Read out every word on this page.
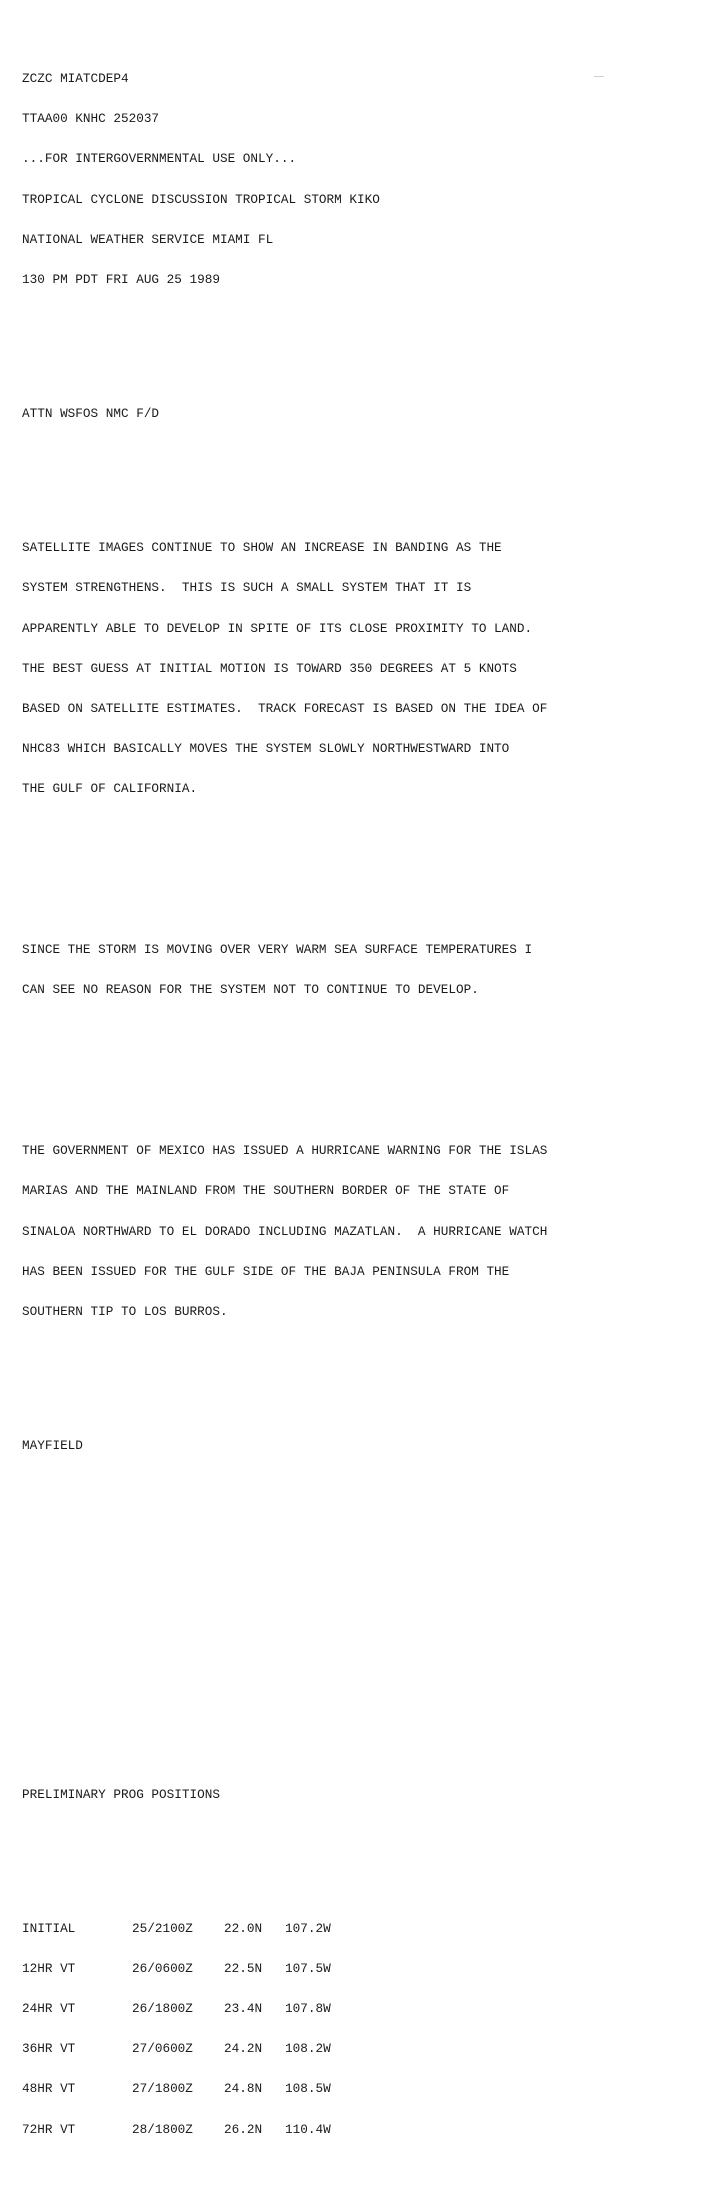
ZCZC MIATCDEP4

TTAA00 KNHC 252037

...FOR INTERGOVERNMENTAL USE ONLY...

TROPICAL CYCLONE DISCUSSION TROPICAL STORM KIKO

NATIONAL WEATHER SERVICE MIAMI FL

130 PM PDT FRI AUG 25 1989

ATTN WSFOS NMC F/D

SATELLITE IMAGES CONTINUE TO SHOW AN INCREASE IN BANDING AS THE

SYSTEM STRENGTHENS.  THIS IS SUCH A SMALL SYSTEM THAT IT IS

APPARENTLY ABLE TO DEVELOP IN SPITE OF ITS CLOSE PROXIMITY TO LAND.

THE BEST GUESS AT INITIAL MOTION IS TOWARD 350 DEGREES AT 5 KNOTS

BASED ON SATELLITE ESTIMATES.  TRACK FORECAST IS BASED ON THE IDEA OF

NHC83 WHICH BASICALLY MOVES THE SYSTEM SLOWLY NORTHWESTWARD INTO

THE GULF OF CALIFORNIA.

SINCE THE STORM IS MOVING OVER VERY WARM SEA SURFACE TEMPERATURES I

CAN SEE NO REASON FOR THE SYSTEM NOT TO CONTINUE TO DEVELOP.

THE GOVERNMENT OF MEXICO HAS ISSUED A HURRICANE WARNING FOR THE ISLAS

MARIAS AND THE MAINLAND FROM THE SOUTHERN BORDER OF THE STATE OF

SINALOA NORTHWARD TO EL DORADO INCLUDING MAZATLAN.  A HURRICANE WATCH

HAS BEEN ISSUED FOR THE GULF SIDE OF THE BAJA PENINSULA FROM THE

SOUTHERN TIP TO LOS BURROS.

MAYFIELD

PRELIMINARY PROG POSITIONS

INITIAL	25/2100Z 22.0N 107.2W

12HR VT	26/0600Z 22.5N 107.5W

24HR VT	26/1800Z 23.4N 107.8W

36HR VT	27/0600Z 24.2N 108.2W

48HR VT	27/1800Z 24.8N 108.5W

72HR VT	28/1800Z 26.2N 110.4W
